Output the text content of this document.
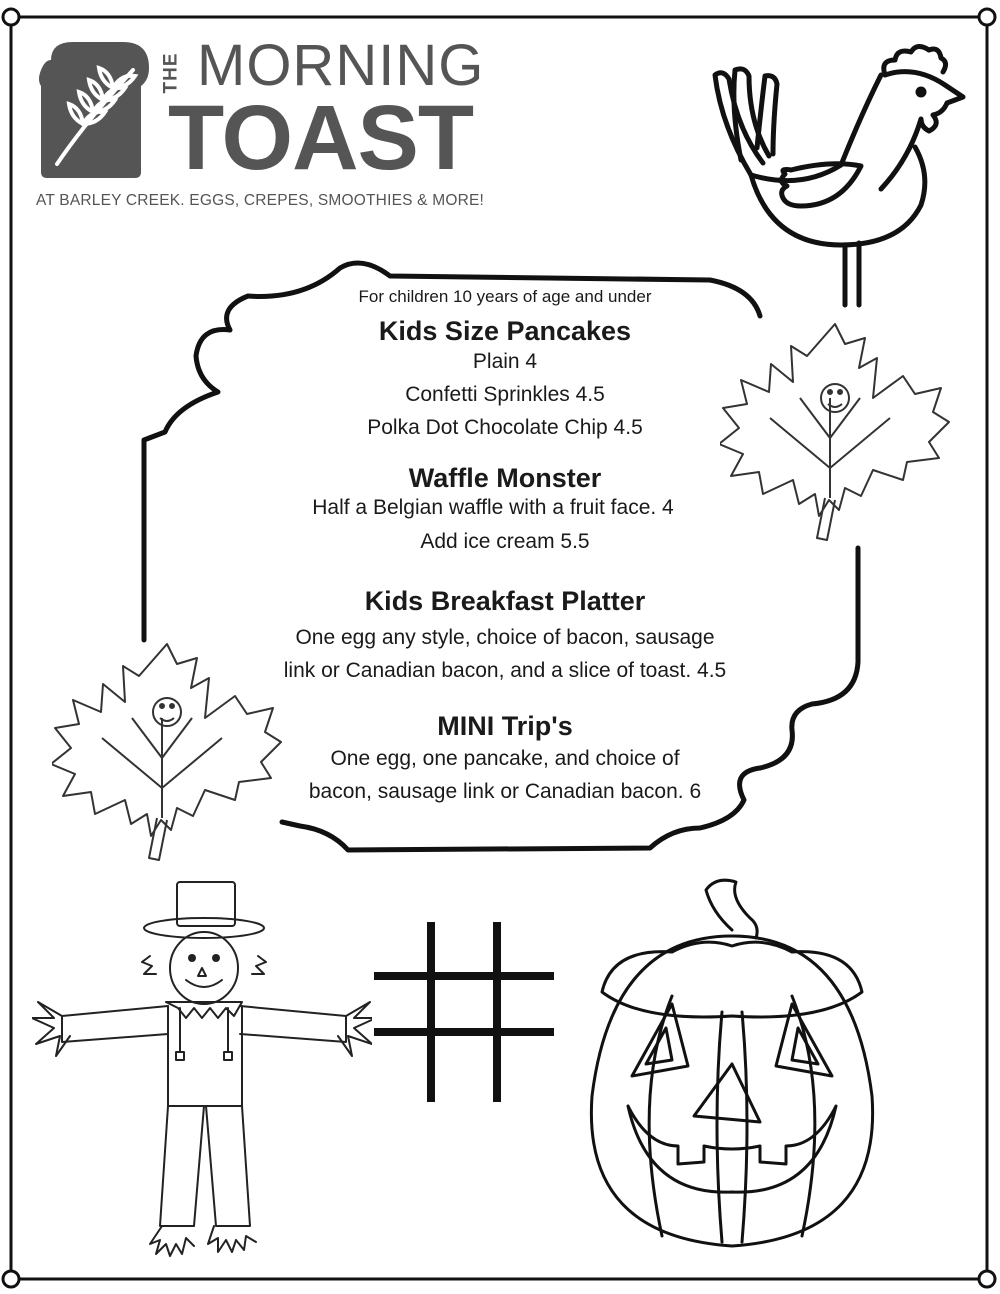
THE MORNING
TOAST
AT BARLEY CREEK. EGGS, CREPES, SMOOTHIES & MORE!
For children 10 years of age and under
Kids Size Pancakes
Plain 4
Confetti Sprinkles 4.5
Polka Dot Chocolate Chip 4.5
Waffle Monster
Half a Belgian waffle with a fruit face. 4
Add ice cream 5.5
Kids Breakfast Platter
One egg any style, choice of bacon, sausage
link or Canadian bacon, and a slice of toast. 4.5
MINI Trip's
One egg, one pancake, and choice of
bacon, sausage link or Canadian bacon. 6
